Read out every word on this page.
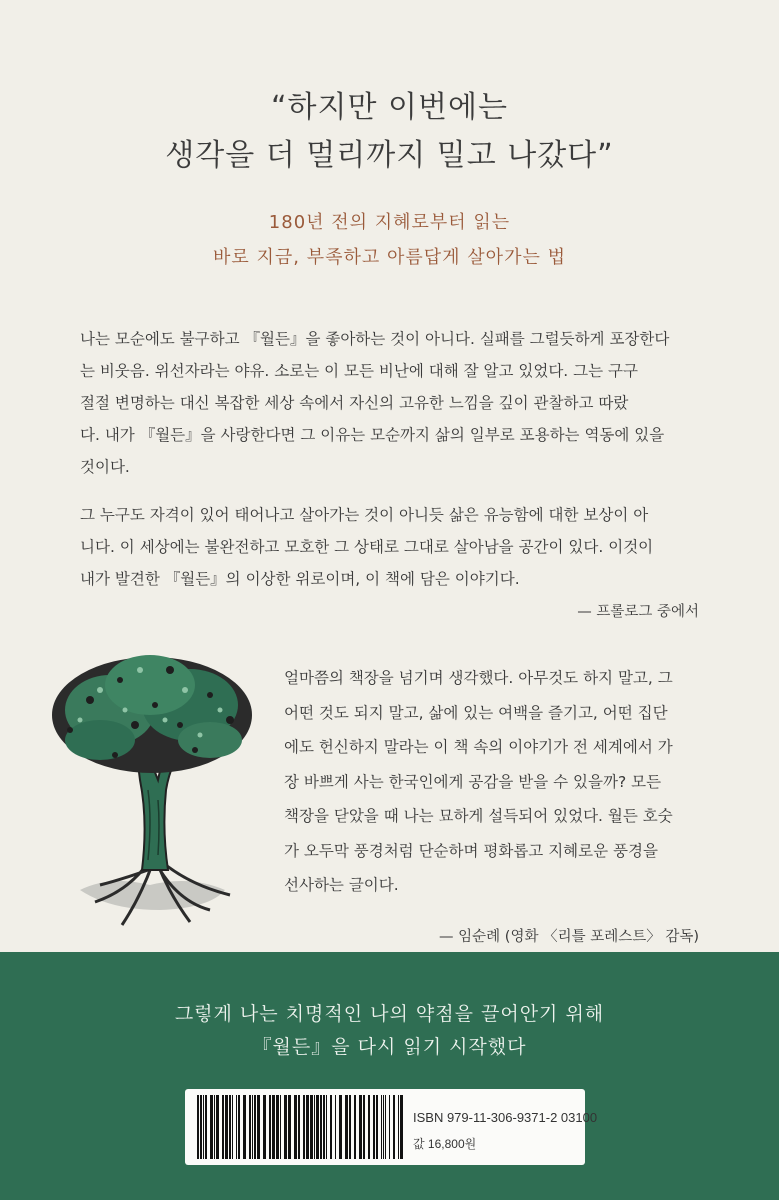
“하지만 이번에는
생각을 더 멀리까지 밀고 나갔다”
180년 전의 지혜로부터 읽는
바로 지금, 부족하고 아름답게 살아가는 법
나는 모순에도 불구하고 『월든』을 좋아하는 것이 아니다. 실패를 그럴듯하게 포장한다
는 비웃음. 위선자라는 야유. 소로는 이 모든 비난에 대해 잘 알고 있었다. 그는 구구
절절 변명하는 대신 복잡한 세상 속에서 자신의 고유한 느낌을 깊이 관찰하고 따랐
다. 내가 『월든』을 사랑한다면 그 이유는 모순까지 삶의 일부로 포용하는 역동에 있을
것이다.
그 누구도 자격이 있어 태어나고 살아가는 것이 아니듯 삶은 유능함에 대한 보상이 아
니다. 이 세상에는 불완전하고 모호한 그 상태로 그대로 살아남을 공간이 있다. 이것이
내가 발견한 『월든』의 이상한 위로이며, 이 책에 담은 이야기다.
— 프롤로그 중에서
얼마쯤의 책장을 넘기며 생각했다. 아무것도 하지 말고, 그
어떤 것도 되지 말고, 삶에 있는 여백을 즐기고, 어떤 집단
에도 헌신하지 말라는 이 책 속의 이야기가 전 세계에서 가
장 바쁘게 사는 한국인에게 공감을 받을 수 있을까? 모든
책장을 닫았을 때 나는 묘하게 설득되어 있었다. 월든 호숫
가 오두막 풍경처럼 단순하며 평화롭고 지혜로운 풍경을
선사하는 글이다.
— 임순례 (영화 〈리틀 포레스트〉 감독)
그렇게 나는 치명적인 나의 약점을 끌어안기 위해
『월든』을 다시 읽기 시작했다
ISBN 979-11-306-9371-2 03100
값 16,800원
